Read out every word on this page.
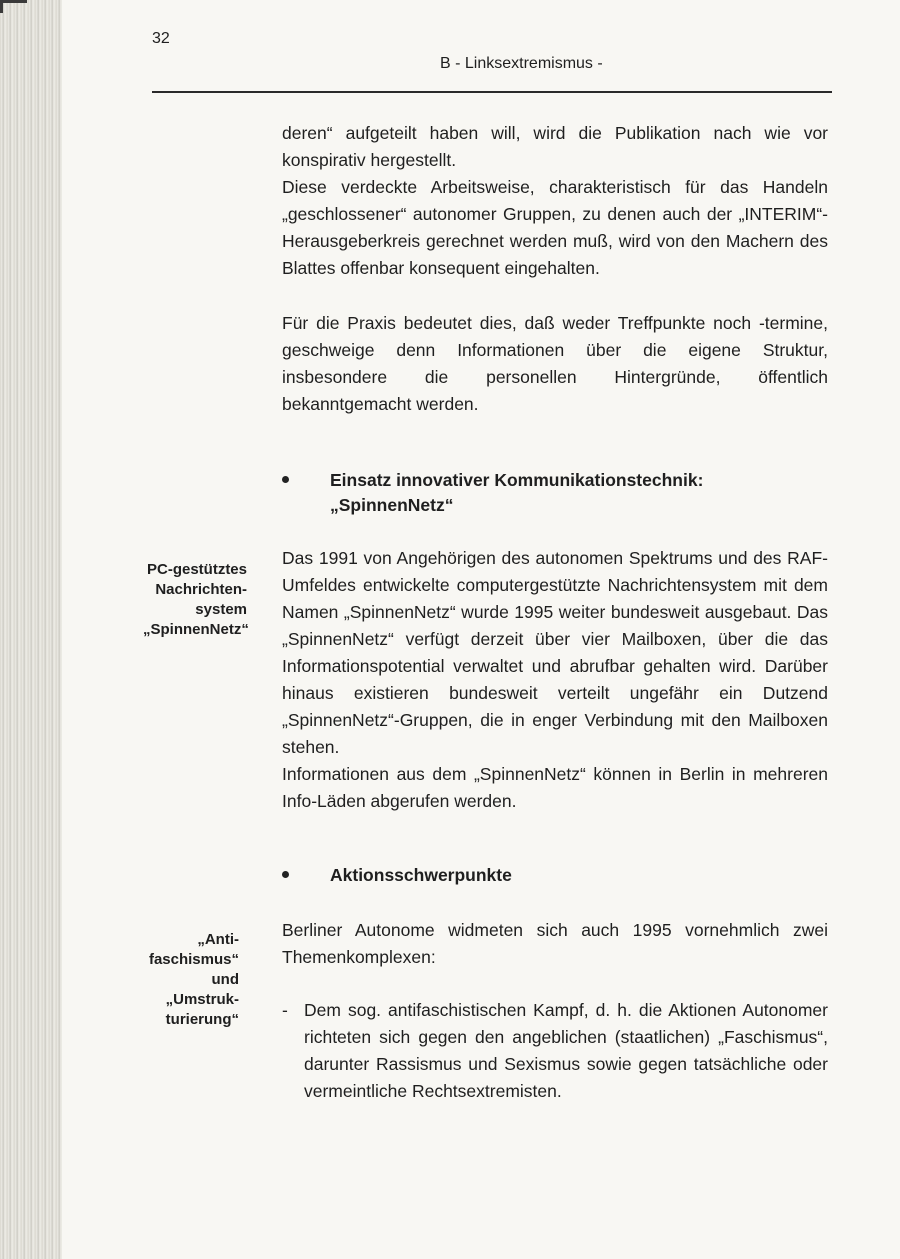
32
B - Linksextremismus -

deren“ aufgeteilt haben will, wird die Publikation nach wie vor konspirativ hergestellt.

Diese verdeckte Arbeitsweise, charakteristisch für das Handeln „geschlossener“ autonomer Gruppen, zu denen auch der „INTERIM“-Herausgeberkreis gerechnet werden muß, wird von den Machern des Blattes offenbar konsequent eingehalten.

Für die Praxis bedeutet dies, daß weder Treffpunkte noch -termine, geschweige denn Informationen über die eigene Struktur, insbesondere die personellen Hintergründe, öffentlich bekanntgemacht werden.

Einsatz innovativer Kommunikationstechnik:
„SpinnenNetz“

PC-gestütztes Nachrichten-system „SpinnenNetz“

Das 1991 von Angehörigen des autonomen Spektrums und des RAF-Umfeldes entwickelte computergestützte Nachrichtensystem mit dem Namen „SpinnenNetz“ wurde 1995 weiter bundesweit ausgebaut. Das „SpinnenNetz“ verfügt derzeit über vier Mailboxen, über die das Informationspotential verwaltet und abrufbar gehalten wird. Darüber hinaus existieren bundesweit verteilt ungefähr ein Dutzend „SpinnenNetz“-Gruppen, die in enger Verbindung mit den Mailboxen stehen.

Informationen aus dem „SpinnenNetz“ können in Berlin in mehreren Info-Läden abgerufen werden.

Aktionsschwerpunkte

„Anti-faschismus“ und „Umstruk-turierung“

Berliner Autonome widmeten sich auch 1995 vornehmlich zwei Themenkomplexen:

- Dem sog. antifaschistischen Kampf, d. h. die Aktionen Autonomer richteten sich gegen den angeblichen (staatlichen) „Faschismus“, darunter Rassismus und Sexismus sowie gegen tatsächliche oder vermeintliche Rechtsextremisten.
